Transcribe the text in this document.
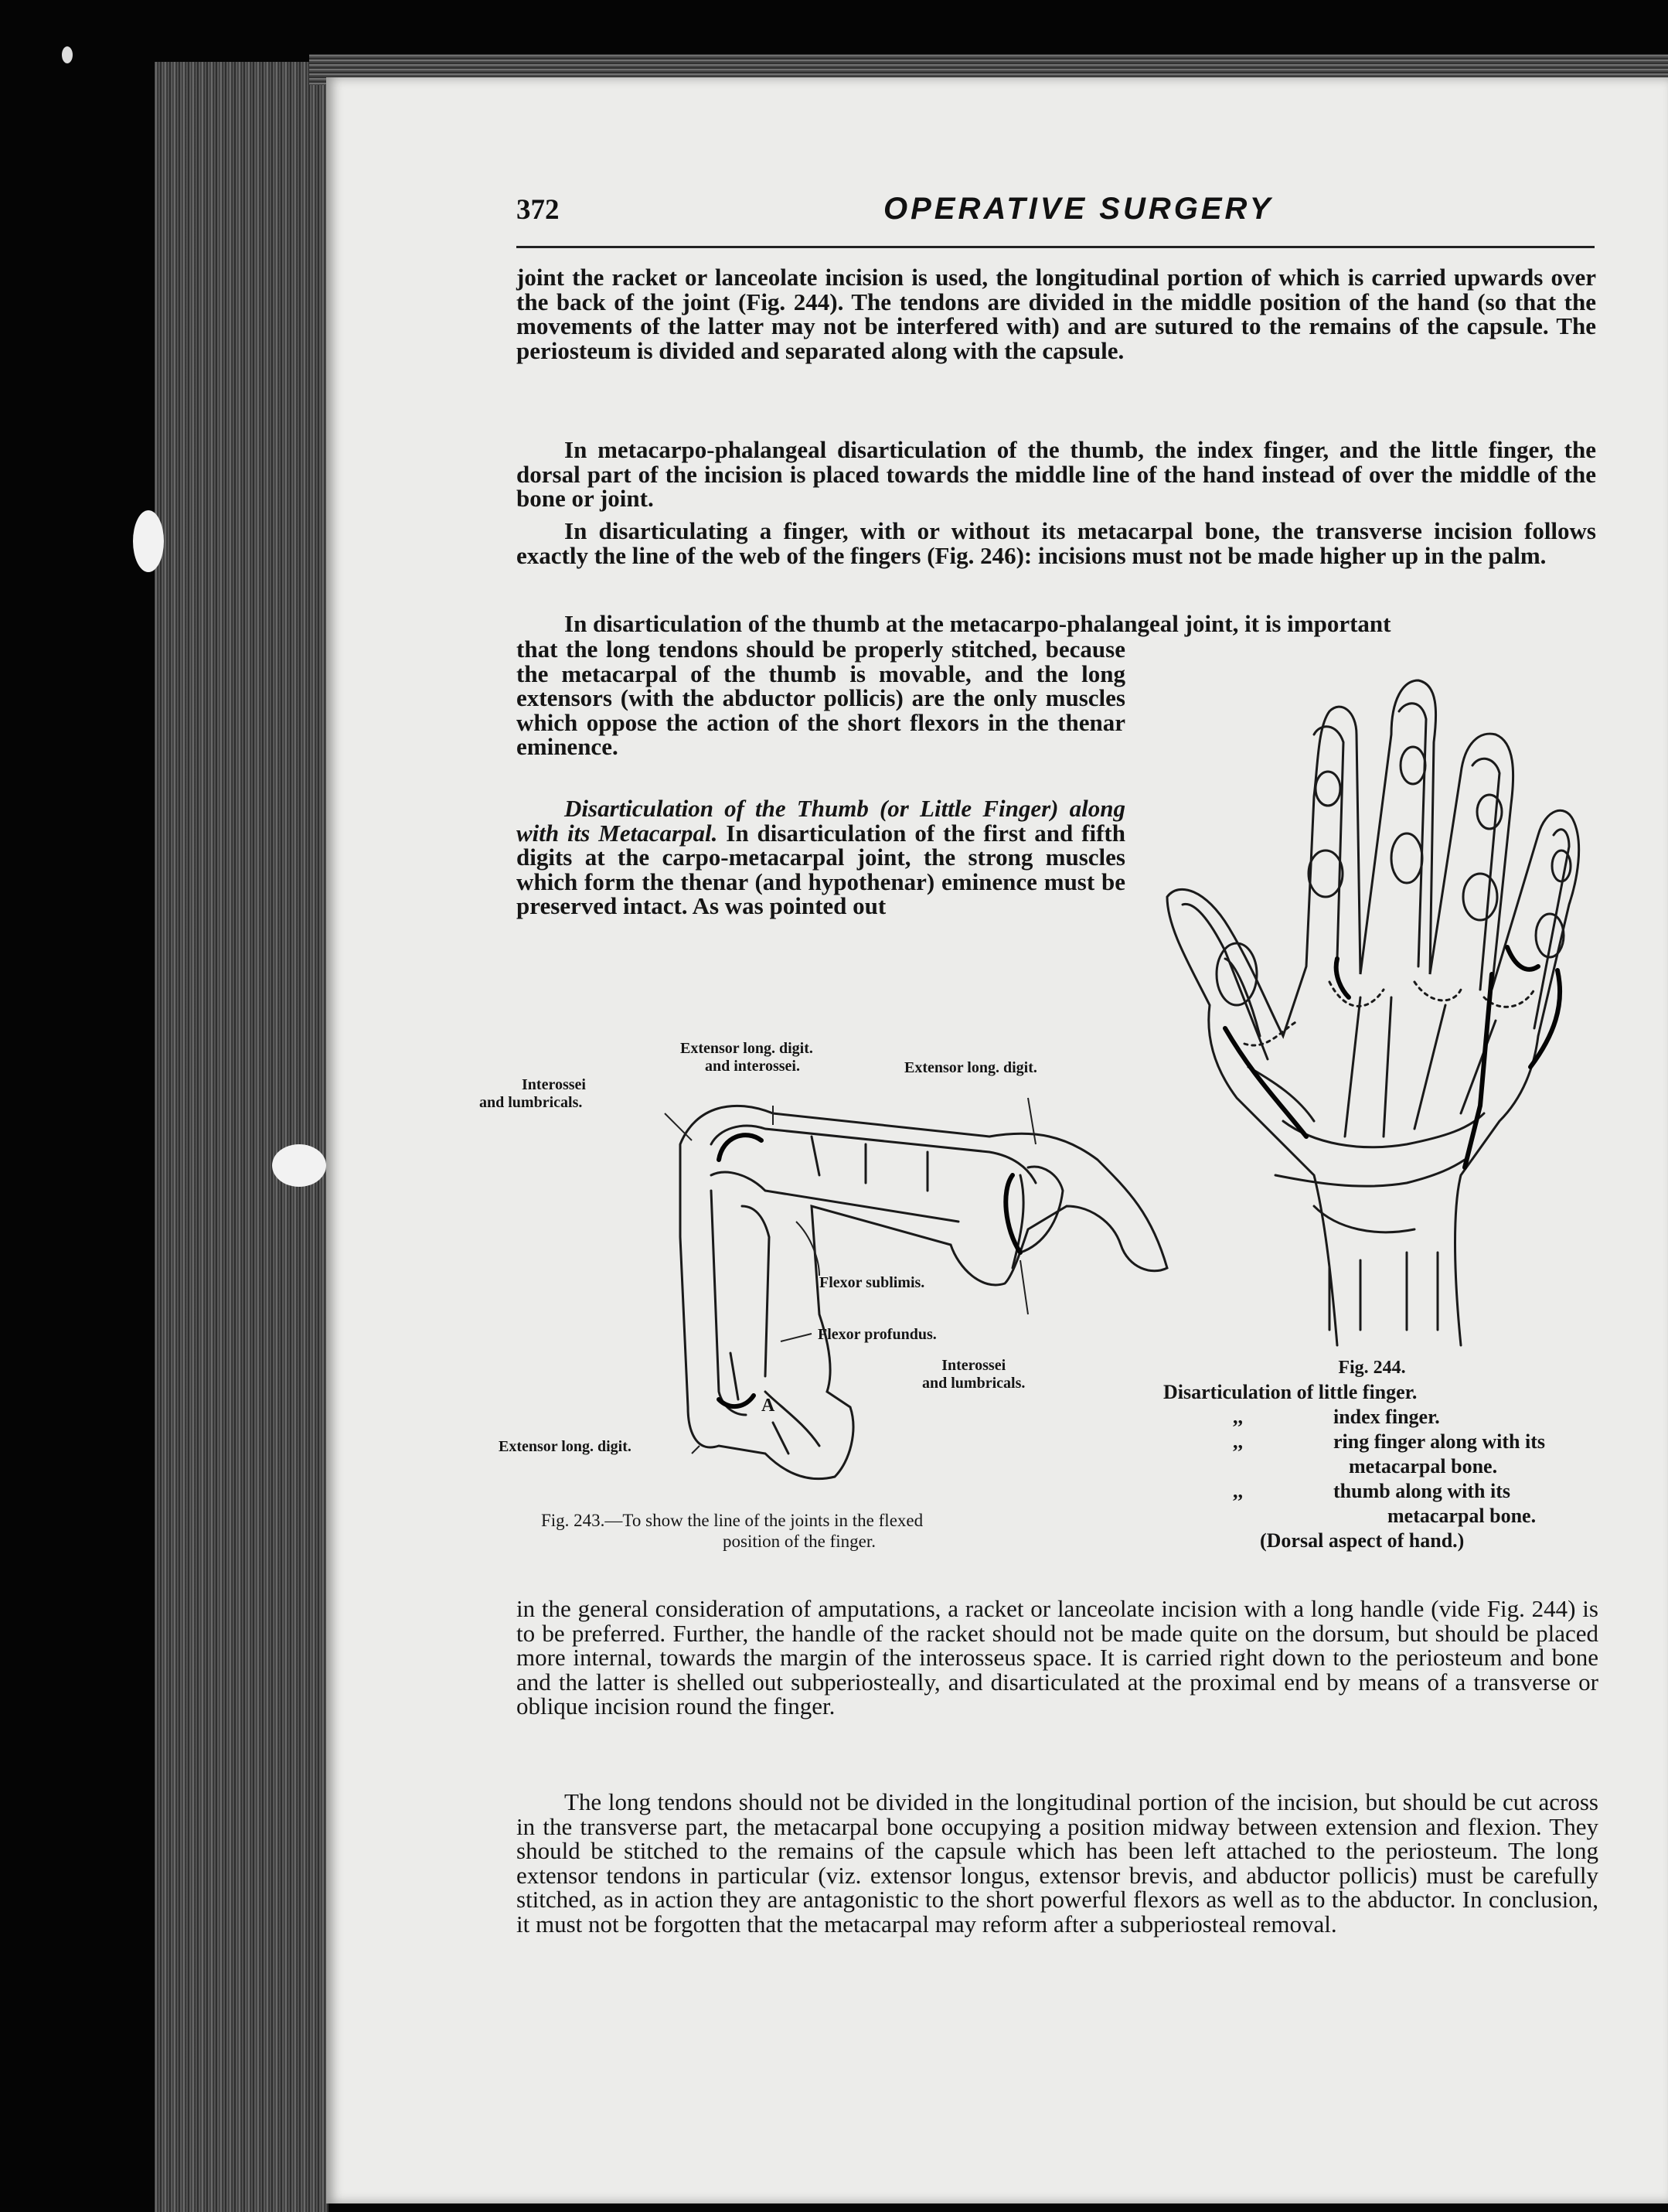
372	OPERATIVE SURGERY
joint the racket or lanceolate incision is used, the longitudinal portion of which is carried upwards over the back of the joint (Fig. 244). The tendons are divided in the middle position of the hand (so that the movements of the latter may not be interfered with) and are sutured to the remains of the capsule. The periosteum is divided and separated along with the capsule.
In metacarpo-phalangeal disarticulation of the thumb, the index finger, and the little finger, the dorsal part of the incision is placed towards the middle line of the hand instead of over the middle of the bone or joint.
In disarticulating a finger, with or without its metacarpal bone, the transverse incision follows exactly the line of the web of the fingers (Fig. 246): incisions must not be made higher up in the palm.
In disarticulation of the thumb at the metacarpo-phalangeal joint, it is important
that the long tendons should be properly stitched, because the metacarpal of the thumb is movable, and the long extensors (with the abductor pollicis) are the only muscles which oppose the action of the short flexors in the thenar eminence.
Disarticulation of the Thumb (or Little Finger) along with its Metacarpal. In disarticulation of the first and fifth digits at the carpo-metacarpal joint, the strong muscles which form the thenar (and hypothenar) eminence must be preserved intact. As was pointed out
Extensor long. digit.
and interossei.	Extensor long. digit.
Interossei
and lumbricals.
Flexor sublimis.
Flexor profundus.
Interossei
and lumbricals.
Extensor long. digit.
A
Fig. 243.—To show the line of the joints in the flexed
position of the finger.
Fig. 244.
Disarticulation of little finger.
,,	index finger.
,,	ring finger along with its
metacarpal bone.
,,	thumb along with its
metacarpal bone.
(Dorsal aspect of hand.)
in the general consideration of amputations, a racket or lanceolate incision with a long handle (vide Fig. 244) is to be preferred. Further, the handle of the racket should not be made quite on the dorsum, but should be placed more internal, towards the margin of the interosseus space. It is carried right down to the periosteum and bone and the latter is shelled out subperiosteally, and disarticulated at the proximal end by means of a transverse or oblique incision round the finger.
The long tendons should not be divided in the longitudinal portion of the incision, but should be cut across in the transverse part, the metacarpal bone occupying a position midway between extension and flexion. They should be stitched to the remains of the capsule which has been left attached to the periosteum. The long extensor tendons in particular (viz. extensor longus, extensor brevis, and abductor pollicis) must be carefully stitched, as in action they are antagonistic to the short powerful flexors as well as to the abductor. In conclusion, it must not be forgotten that the metacarpal may reform after a subperiosteal removal.
